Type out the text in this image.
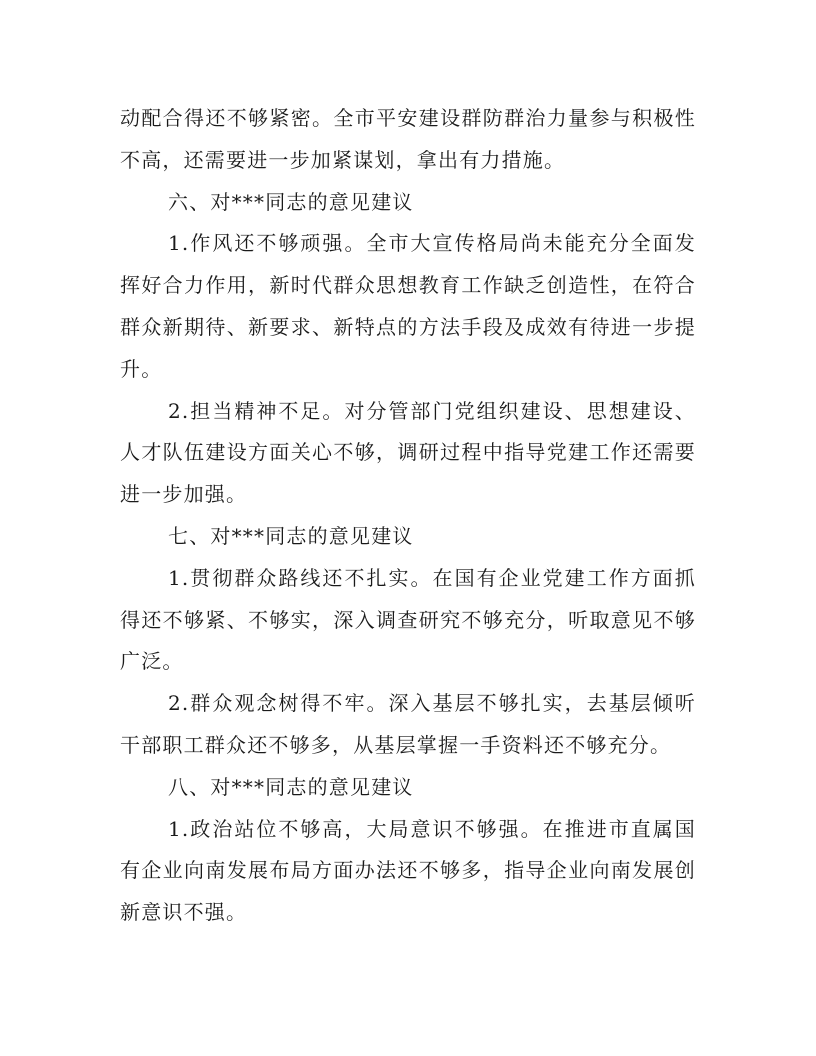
动配合得还不够紧密。全市平安建设群防群治力量参与积极性不高，还需要进一步加紧谋划，拿出有力措施。

六、对***同志的意见建议

1.作风还不够顽强。全市大宣传格局尚未能充分全面发挥好合力作用，新时代群众思想教育工作缺乏创造性，在符合群众新期待、新要求、新特点的方法手段及成效有待进一步提升。

2.担当精神不足。对分管部门党组织建设、思想建设、人才队伍建设方面关心不够，调研过程中指导党建工作还需要进一步加强。

七、对***同志的意见建议

1.贯彻群众路线还不扎实。在国有企业党建工作方面抓得还不够紧、不够实，深入调查研究不够充分，听取意见不够广泛。

2.群众观念树得不牢。深入基层不够扎实，去基层倾听干部职工群众还不够多，从基层掌握一手资料还不够充分。

八、对***同志的意见建议

1.政治站位不够高，大局意识不够强。在推进市直属国有企业向南发展布局方面办法还不够多，指导企业向南发展创新意识不强。
